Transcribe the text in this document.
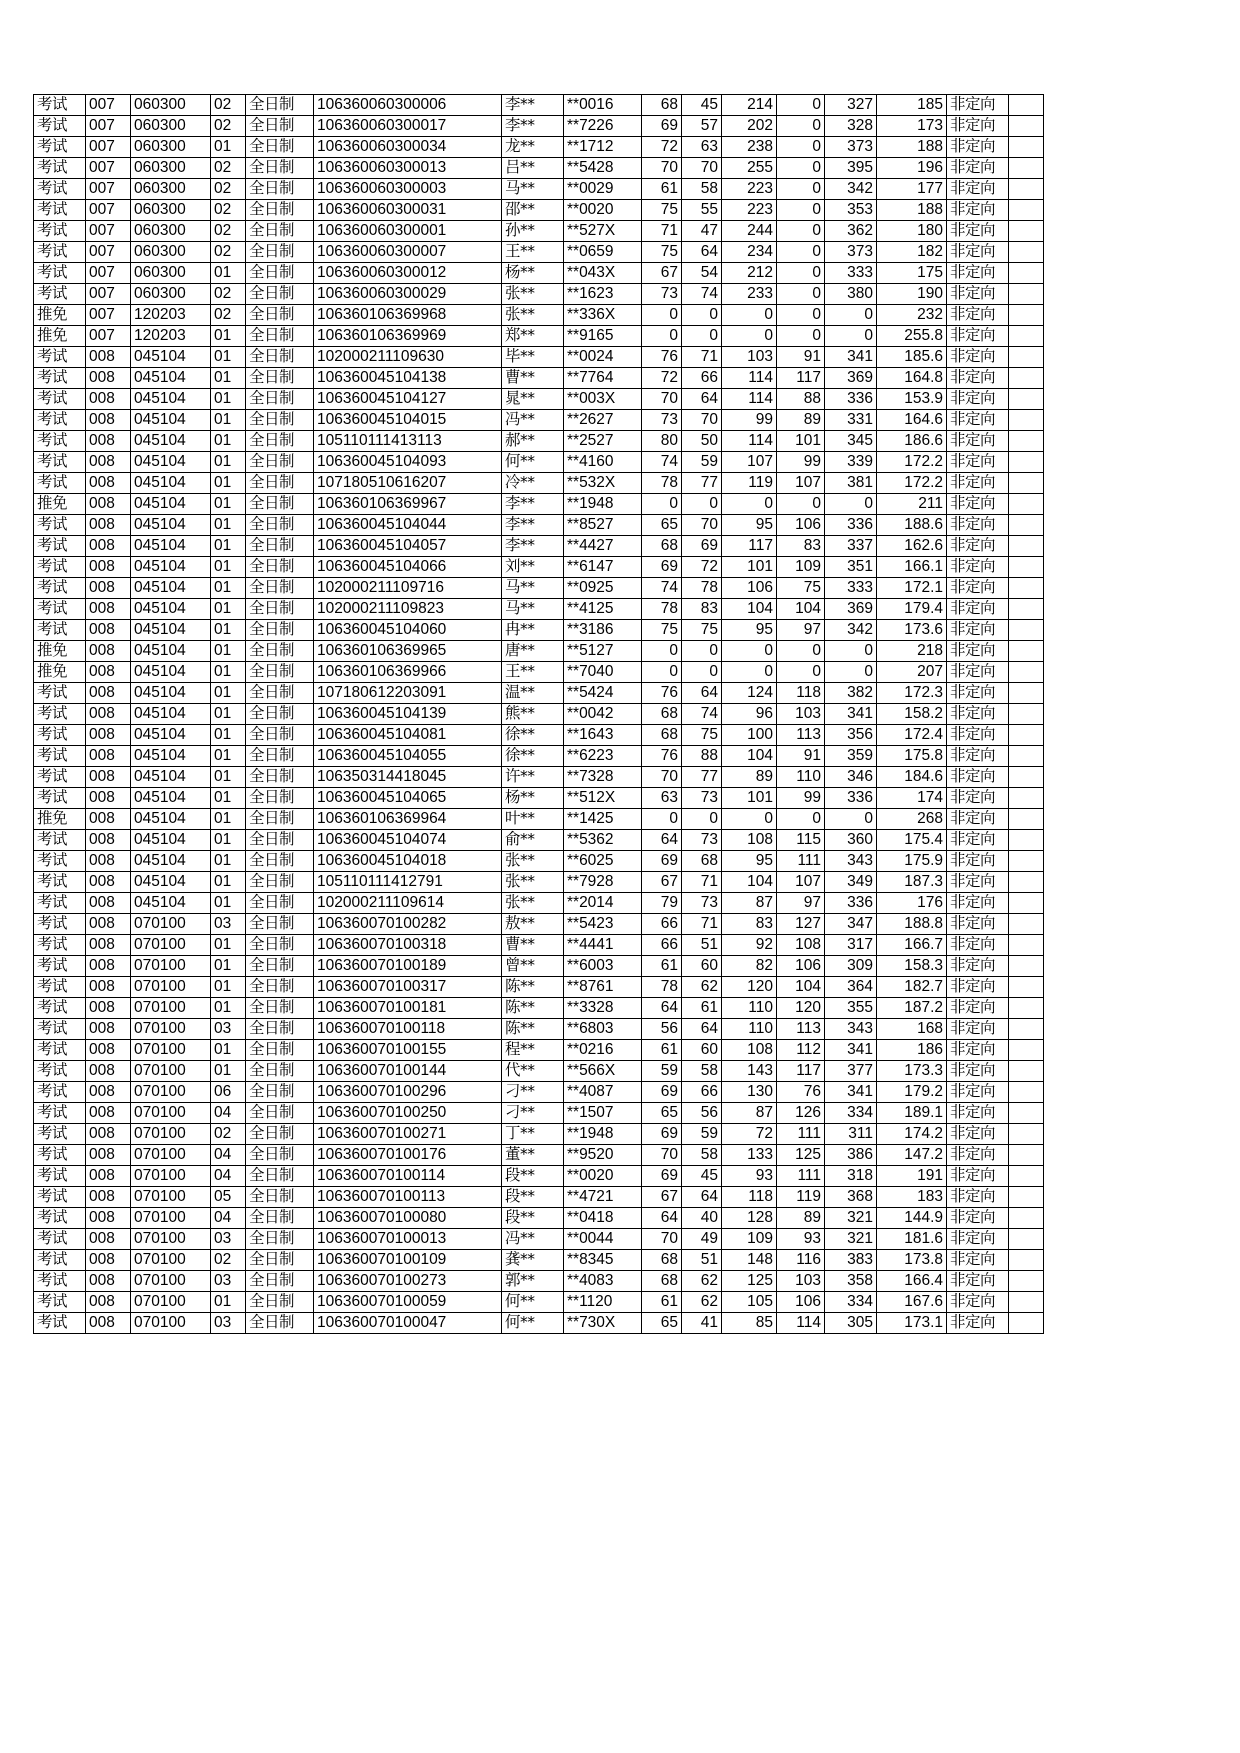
考试	007	060300	02	全日制	106360060300006	李**	**0016	68	45	214	0	327	185	非定向	
考试	007	060300	02	全日制	106360060300017	李**	**7226	69	57	202	0	328	173	非定向	
考试	007	060300	01	全日制	106360060300034	龙**	**1712	72	63	238	0	373	188	非定向	
考试	007	060300	02	全日制	106360060300013	吕**	**5428	70	70	255	0	395	196	非定向	
考试	007	060300	02	全日制	106360060300003	马**	**0029	61	58	223	0	342	177	非定向	
考试	007	060300	02	全日制	106360060300031	邵**	**0020	75	55	223	0	353	188	非定向	
考试	007	060300	02	全日制	106360060300001	孙**	**527X	71	47	244	0	362	180	非定向	
考试	007	060300	02	全日制	106360060300007	王**	**0659	75	64	234	0	373	182	非定向	
考试	007	060300	01	全日制	106360060300012	杨**	**043X	67	54	212	0	333	175	非定向	
考试	007	060300	02	全日制	106360060300029	张**	**1623	73	74	233	0	380	190	非定向	
推免	007	120203	02	全日制	106360106369968	张**	**336X	0	0	0	0	0	232	非定向	
推免	007	120203	01	全日制	106360106369969	郑**	**9165	0	0	0	0	0	255.8	非定向	
考试	008	045104	01	全日制	102000211109630	毕**	**0024	76	71	103	91	341	185.6	非定向	
考试	008	045104	01	全日制	106360045104138	曹**	**7764	72	66	114	117	369	164.8	非定向	
考试	008	045104	01	全日制	106360045104127	晁**	**003X	70	64	114	88	336	153.9	非定向	
考试	008	045104	01	全日制	106360045104015	冯**	**2627	73	70	99	89	331	164.6	非定向	
考试	008	045104	01	全日制	105110111413113	郝**	**2527	80	50	114	101	345	186.6	非定向	
考试	008	045104	01	全日制	106360045104093	何**	**4160	74	59	107	99	339	172.2	非定向	
考试	008	045104	01	全日制	107180510616207	冷**	**532X	78	77	119	107	381	172.2	非定向	
推免	008	045104	01	全日制	106360106369967	李**	**1948	0	0	0	0	0	211	非定向	
考试	008	045104	01	全日制	106360045104044	李**	**8527	65	70	95	106	336	188.6	非定向	
考试	008	045104	01	全日制	106360045104057	李**	**4427	68	69	117	83	337	162.6	非定向	
考试	008	045104	01	全日制	106360045104066	刘**	**6147	69	72	101	109	351	166.1	非定向	
考试	008	045104	01	全日制	102000211109716	马**	**0925	74	78	106	75	333	172.1	非定向	
考试	008	045104	01	全日制	102000211109823	马**	**4125	78	83	104	104	369	179.4	非定向	
考试	008	045104	01	全日制	106360045104060	冉**	**3186	75	75	95	97	342	173.6	非定向	
推免	008	045104	01	全日制	106360106369965	唐**	**5127	0	0	0	0	0	218	非定向	
推免	008	045104	01	全日制	106360106369966	王**	**7040	0	0	0	0	0	207	非定向	
考试	008	045104	01	全日制	107180612203091	温**	**5424	76	64	124	118	382	172.3	非定向	
考试	008	045104	01	全日制	106360045104139	熊**	**0042	68	74	96	103	341	158.2	非定向	
考试	008	045104	01	全日制	106360045104081	徐**	**1643	68	75	100	113	356	172.4	非定向	
考试	008	045104	01	全日制	106360045104055	徐**	**6223	76	88	104	91	359	175.8	非定向	
考试	008	045104	01	全日制	106350314418045	许**	**7328	70	77	89	110	346	184.6	非定向	
考试	008	045104	01	全日制	106360045104065	杨**	**512X	63	73	101	99	336	174	非定向	
推免	008	045104	01	全日制	106360106369964	叶**	**1425	0	0	0	0	0	268	非定向	
考试	008	045104	01	全日制	106360045104074	俞**	**5362	64	73	108	115	360	175.4	非定向	
考试	008	045104	01	全日制	106360045104018	张**	**6025	69	68	95	111	343	175.9	非定向	
考试	008	045104	01	全日制	105110111412791	张**	**7928	67	71	104	107	349	187.3	非定向	
考试	008	045104	01	全日制	102000211109614	张**	**2014	79	73	87	97	336	176	非定向	
考试	008	070100	03	全日制	106360070100282	敖**	**5423	66	71	83	127	347	188.8	非定向	
考试	008	070100	01	全日制	106360070100318	曹**	**4441	66	51	92	108	317	166.7	非定向	
考试	008	070100	01	全日制	106360070100189	曾**	**6003	61	60	82	106	309	158.3	非定向	
考试	008	070100	01	全日制	106360070100317	陈**	**8761	78	62	120	104	364	182.7	非定向	
考试	008	070100	01	全日制	106360070100181	陈**	**3328	64	61	110	120	355	187.2	非定向	
考试	008	070100	03	全日制	106360070100118	陈**	**6803	56	64	110	113	343	168	非定向	
考试	008	070100	01	全日制	106360070100155	程**	**0216	61	60	108	112	341	186	非定向	
考试	008	070100	01	全日制	106360070100144	代**	**566X	59	58	143	117	377	173.3	非定向	
考试	008	070100	06	全日制	106360070100296	刁**	**4087	69	66	130	76	341	179.2	非定向	
考试	008	070100	04	全日制	106360070100250	刁**	**1507	65	56	87	126	334	189.1	非定向	
考试	008	070100	02	全日制	106360070100271	丁**	**1948	69	59	72	111	311	174.2	非定向	
考试	008	070100	04	全日制	106360070100176	董**	**9520	70	58	133	125	386	147.2	非定向	
考试	008	070100	04	全日制	106360070100114	段**	**0020	69	45	93	111	318	191	非定向	
考试	008	070100	05	全日制	106360070100113	段**	**4721	67	64	118	119	368	183	非定向	
考试	008	070100	04	全日制	106360070100080	段**	**0418	64	40	128	89	321	144.9	非定向	
考试	008	070100	03	全日制	106360070100013	冯**	**0044	70	49	109	93	321	181.6	非定向	
考试	008	070100	02	全日制	106360070100109	龚**	**8345	68	51	148	116	383	173.8	非定向	
考试	008	070100	03	全日制	106360070100273	郭**	**4083	68	62	125	103	358	166.4	非定向	
考试	008	070100	01	全日制	106360070100059	何**	**1120	61	62	105	106	334	167.6	非定向	
考试	008	070100	03	全日制	106360070100047	何**	**730X	65	41	85	114	305	173.1	非定向	
